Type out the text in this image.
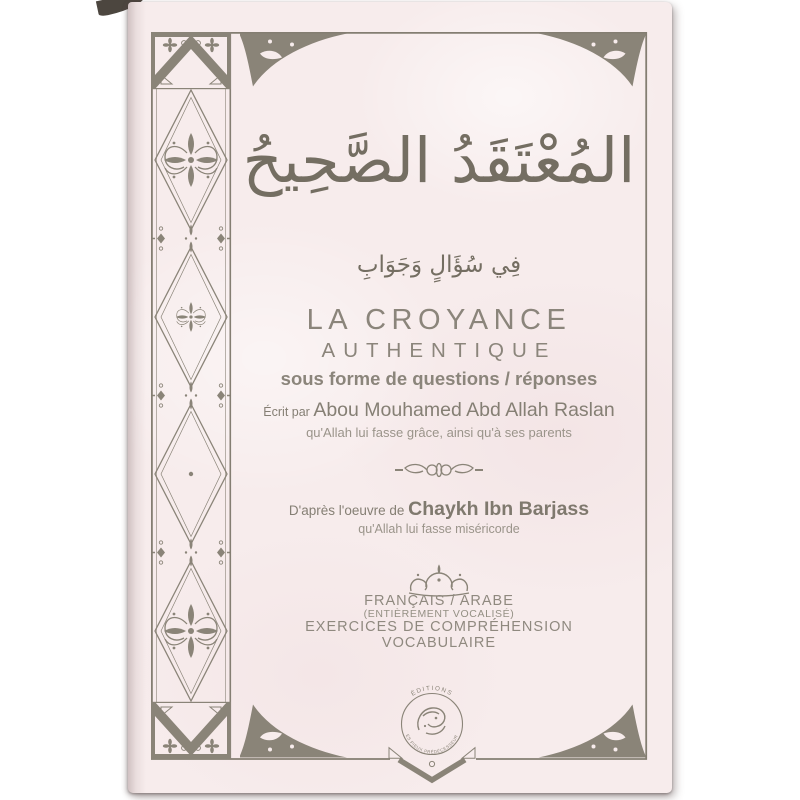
ÉDITIONS
LES PIEUX PRÉDÉCESSEURS
المُعْتَقَدُ الصَّحِيحُ
فِي سُؤَالٍ وَجَوَابِ
LA CROYANCE
AUTHENTIQUE
sous forme de questions / réponses
Écrit par Abou Mouhamed Abd Allah Raslan
qu'Allah lui fasse grâce, ainsi qu'à ses parents
D'après l'oeuvre de Chaykh Ibn Barjass
qu'Allah lui fasse miséricorde
FRANÇAIS / ARABE
(ENTIÈREMENT VOCALISÉ)
EXERCICES DE COMPRÉHENSION
VOCABULAIRE
